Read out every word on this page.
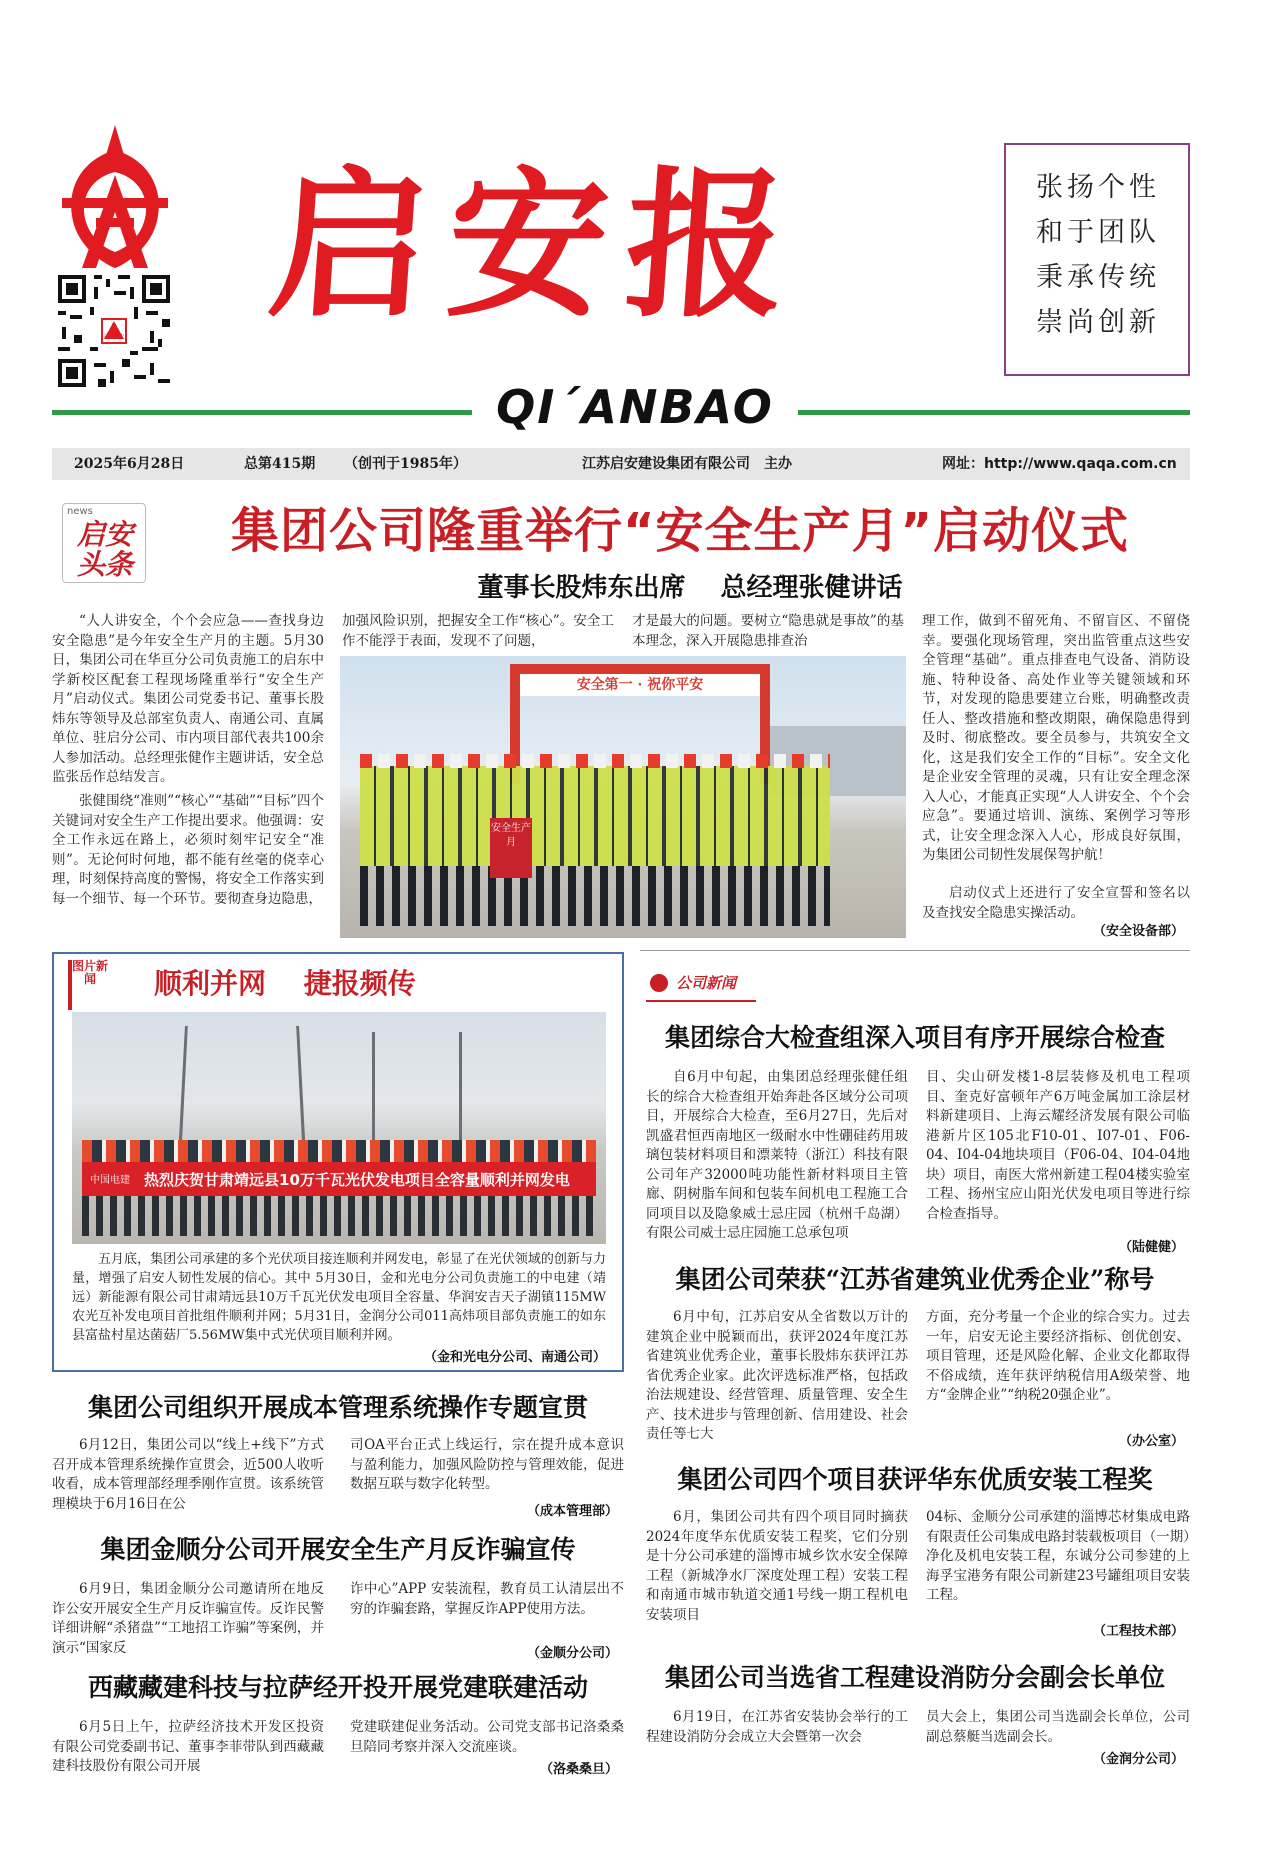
江苏启安 启安报	张扬个性
和于团队
秉承传统
崇尚创新
QI´ANBAO
2025年6月28日	总第415期 （创刊于1985年）	江苏启安建设集团有限公司　主办	网址：http://www.qaqa.com.cn
news
启安头条
集团公司隆重举行“安全生产月”启动仪式
董事长股炜东出席　 总经理张健讲话
“人人讲安全，个个会应急——查找身边安全隐患”是今年安全生产月的主题。5月30日，集团公司在华亘分公司负责施工的启东中学新校区配套工程现场隆重举行“安全生产月”启动仪式。集团公司党委书记、董事长股炜东等领导及总部室负责人、南通公司、直属单位、驻启分公司、市内项目部代表共100余人参加活动。总经理张健作主题讲话，安全总监张岳作总结发言。
张健围绕“准则”“核心”“基础”“目标”四个关键词对安全生产工作提出要求。他强调：安全工作永远在路上，必须时刻牢记安全“准则”。无论何时何地，都不能有丝毫的侥幸心理，时刻保持高度的警惕，将安全工作落实到每一个细节、每一个环节。要彻查身边隐患，
加强风险识别，把握安全工作“核心”。安全工作不能浮于表面，发现不了问题，
才是最大的问题。要树立“隐患就是事故”的基本理念，深入开展隐患排查治
安全第一 · 祝你平安
安全生产月
理工作，做到不留死角、不留盲区、不留侥幸。要强化现场管理，突出监管重点这些安全管理“基础”。重点排查电气设备、消防设施、特种设备、高处作业等关键领域和环节，对发现的隐患要建立台账，明确整改责任人、整改措施和整改期限，确保隐患得到及时、彻底整改。要全员参与，共筑安全文化，这是我们安全工作的“目标”。安全文化是企业安全管理的灵魂，只有让安全理念深入人心，才能真正实现“人人讲安全、个个会应急”。要通过培训、演练、案例学习等形式，让安全理念深入人心，形成良好氛围，为集团公司韧性发展保驾护航！
启动仪式上还进行了安全宣誓和签名以及查找安全隐患实操活动。
（安全设备部）
图片新闻	顺利并网　 捷报频传
中国电建 热烈庆贺甘肃靖远县10万千瓦光伏发电项目全容量顺利并网发电
五月底，集团公司承建的多个光伏项目接连顺利并网发电，彰显了在光伏领域的创新与力量，增强了启安人韧性发展的信心。其中 5月30日，金和光电分公司负责施工的中电建（靖远）新能源有限公司甘肃靖远县10万千瓦光伏发电项目全容量、华润安吉天子湖镇115MW农光互补发电项目首批组件顺利并网；5月31日，金润分公司011高炜项目部负责施工的如东县富盐村星达菌菇厂5.56MW集中式光伏项目顺利并网。
（金和光电分公司、南通公司）
公司新闻
集团综合大检查组深入项目有序开展综合检查
自6月中旬起，由集团总经理张健任组长的综合大检查组开始奔赴各区域分公司项目，开展综合大检查，至6月27日，先后对凯盛君恒西南地区一级耐水中性硼硅药用玻璃包装材料项目和漂莱特（浙江）科技有限公司年产32000吨功能性新材料项目主管廊、阴树脂车间和包装车间机电工程施工合同项目以及隐象威士忌庄园（杭州千岛湖）有限公司威士忌庄园施工总承包项
目、尖山研发楼1-8层装修及机电工程项目、奎克好富顿年产6万吨金属加工涂层材料新建项目、上海云耀经济发展有限公司临港新片区105北F10-01、I07-01、F06-04、I04-04地块项目（F06-04、I04-04地块）项目，南医大常州新建工程04楼实验室工程、扬州宝应山阳光伏发电项目等进行综合检查指导。
（陆健健）
集团公司荣获“江苏省建筑业优秀企业”称号
6月中旬，江苏启安从全省数以万计的建筑企业中脱颖而出，获评2024年度江苏省建筑业优秀企业，董事长股炜东获评江苏省优秀企业家。此次评选标准严格，包括政治法规建设、经营管理、质量管理、安全生产、技术进步与管理创新、信用建设、社会责任等七大
方面，充分考量一个企业的综合实力。过去一年，启安无论主要经济指标、创优创安、项目管理，还是风险化解、企业文化都取得不俗成绩，连年获评纳税信用A级荣誉、地方“金牌企业”“纳税20强企业”。
（办公室）
集团公司四个项目获评华东优质安装工程奖
6月，集团公司共有四个项目同时摘获2024年度华东优质安装工程奖，它们分别是十分公司承建的淄博市城乡饮水安全保障工程（新城净水厂深度处理工程）安装工程和南通市城市轨道交通1号线一期工程机电安装项目
04标、金顺分公司承建的淄博芯材集成电路有限责任公司集成电路封装载板项目（一期）净化及机电安装工程，东诚分公司参建的上海孚宝港务有限公司新建23号罐组项目安装工程。
（工程技术部）
集团公司当选省工程建设消防分会副会长单位
6月19日，在江苏省安装协会举行的工程建设消防分会成立大会暨第一次会
员大会上，集团公司当选副会长单位，公司副总蔡艇当选副会长。
（金润分公司）
集团公司组织开展成本管理系统操作专题宣贯
6月12日，集团公司以“线上+线下”方式召开成本管理系统操作宣贯会，近500人收听收看，成本管理部经理季刚作宣贯。该系统管理模块于6月16日在公
司OA平台正式上线运行，宗在提升成本意识与盈利能力，加强风险防控与管理效能，促进数据互联与数字化转型。
（成本管理部）
集团金顺分公司开展安全生产月反诈骗宣传
6月9日，集团金顺分公司邀请所在地反诈公安开展安全生产月反诈骗宣传。反诈民警详细讲解“杀猪盘”“工地招工诈骗”等案例，并演示“国家反
诈中心”APP 安装流程，教育员工认清层出不穷的诈骗套路，掌握反诈APP使用方法。
（金顺分公司）
西藏藏建科技与拉萨经开投开展党建联建活动
6月5日上午，拉萨经济技术开发区投资有限公司党委副书记、董事李菲带队到西藏藏建科技股份有限公司开展
党建联建促业务活动。公司党支部书记洛桑桑旦陪同考察并深入交流座谈。
（洛桑桑旦）
